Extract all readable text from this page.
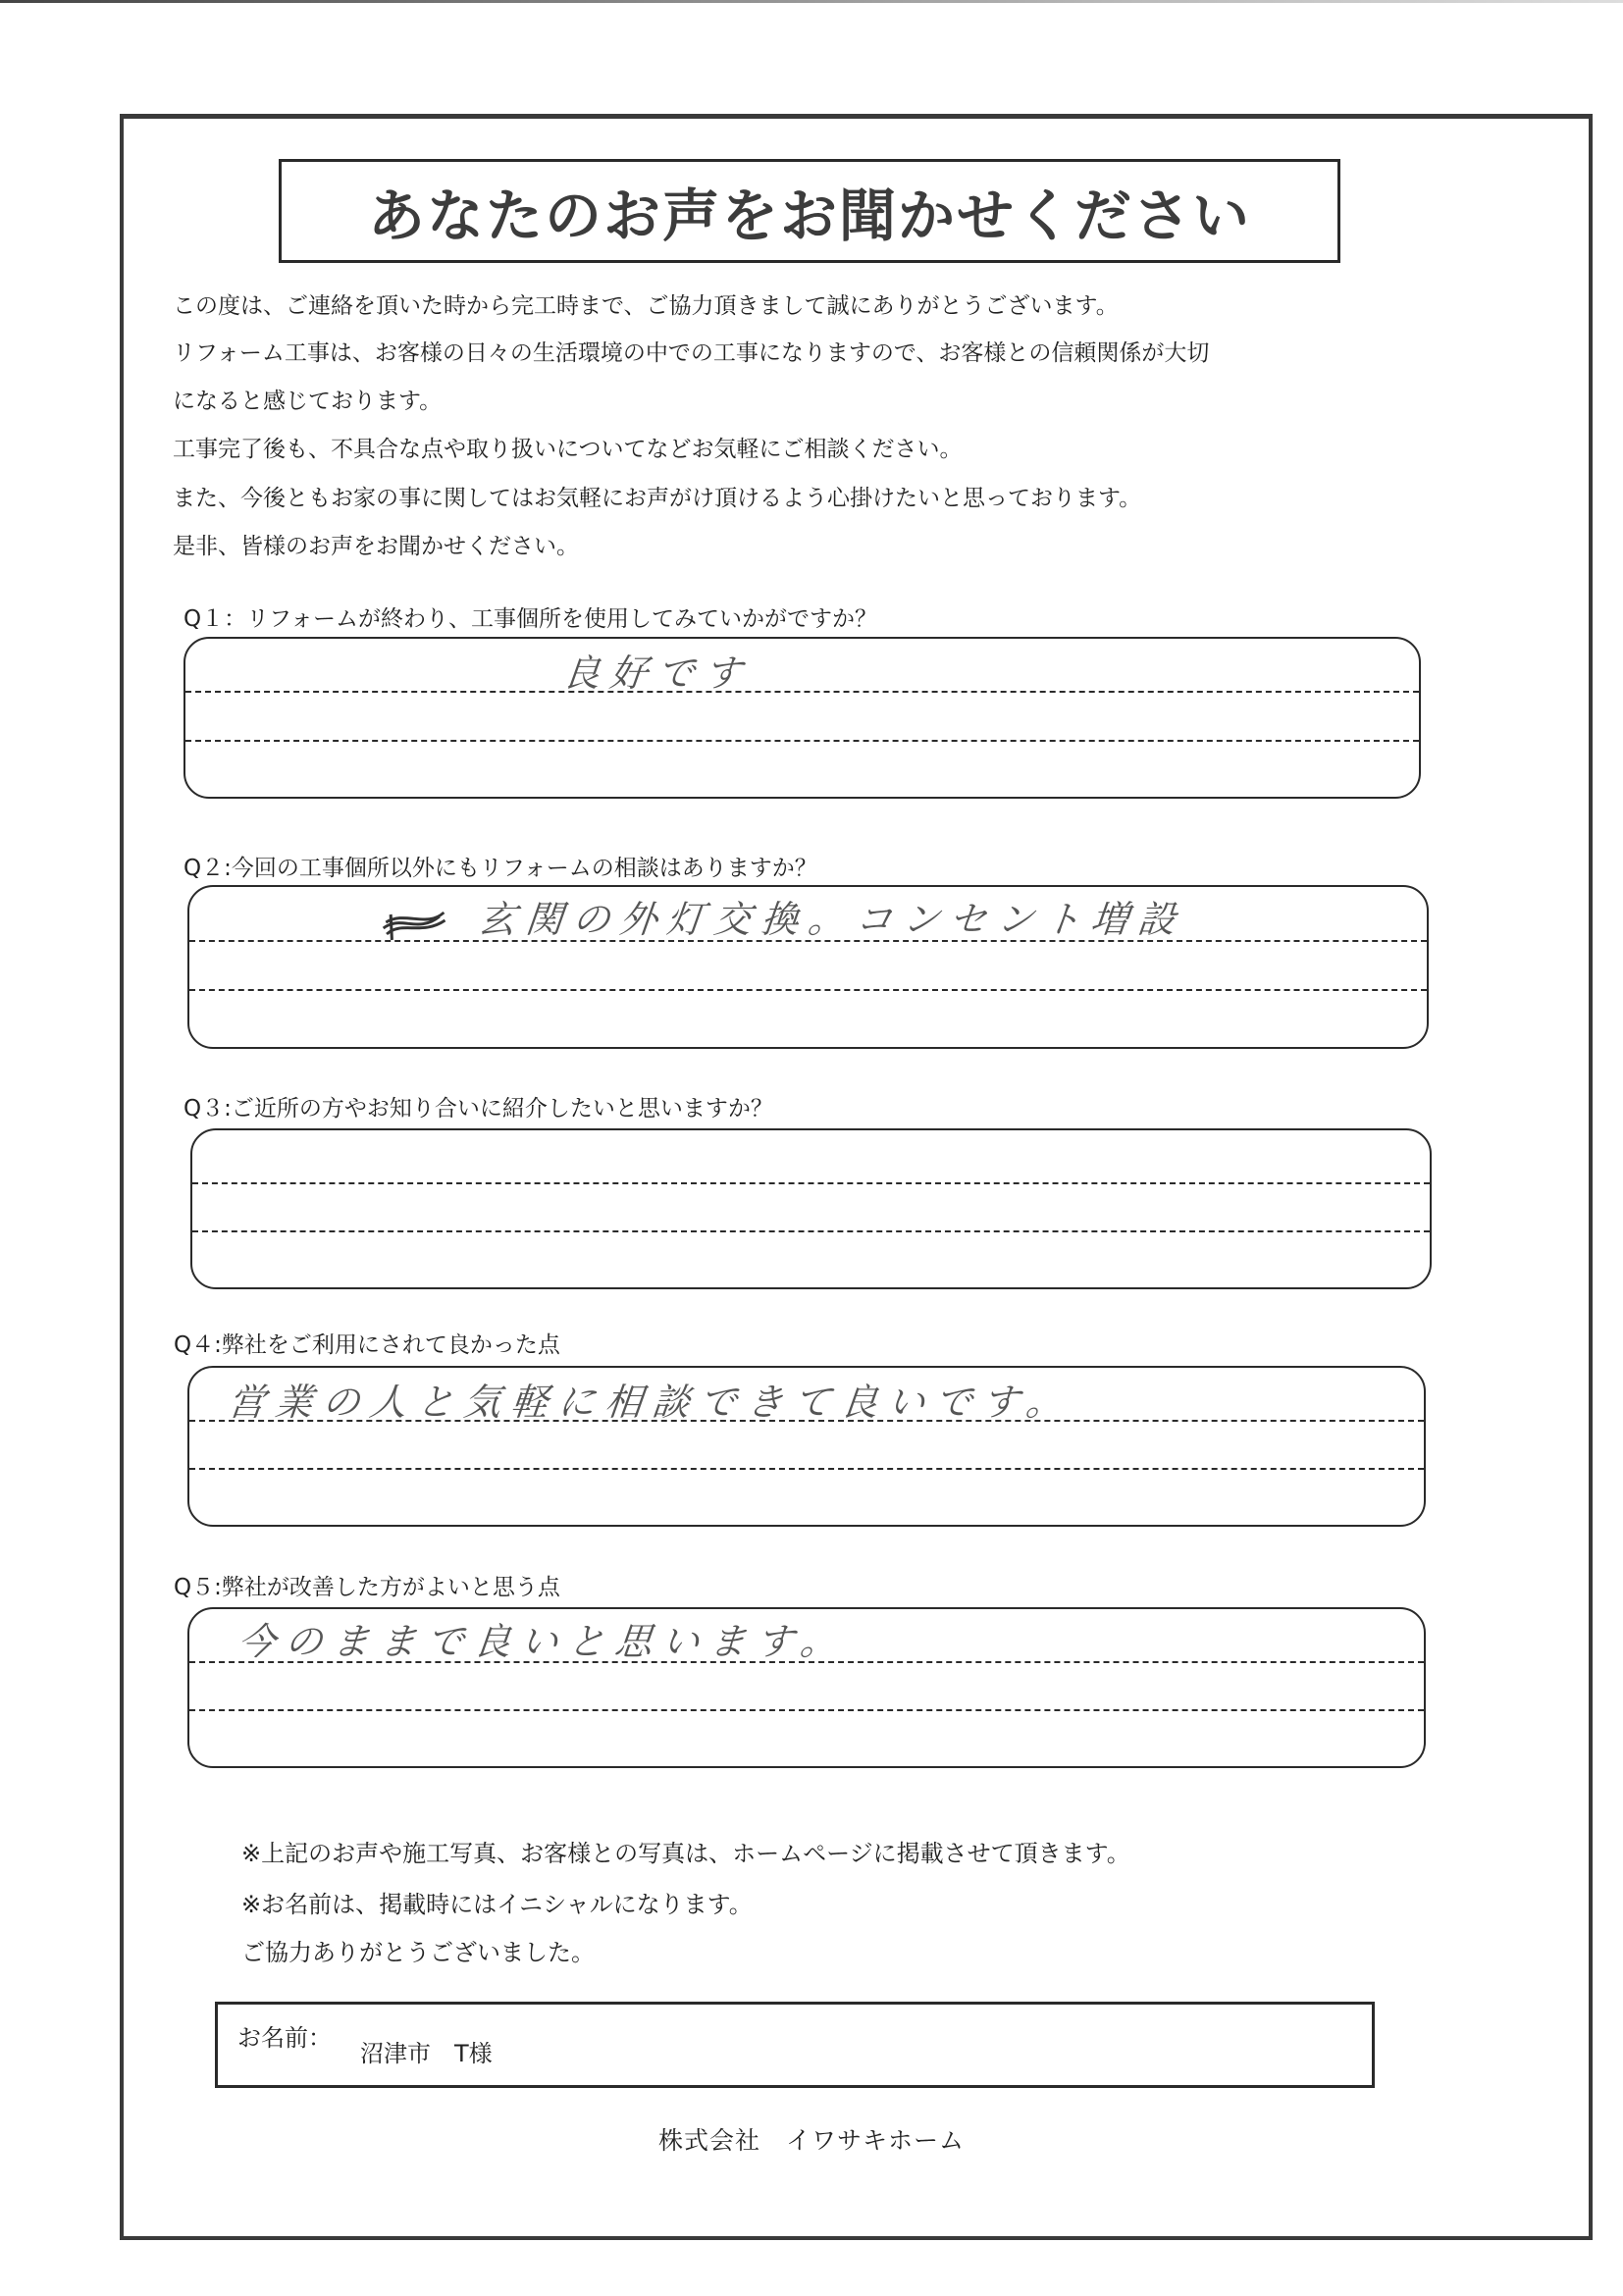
あなたのお声をお聞かせください
この度は、ご連絡を頂いた時から完工時まで、ご協力頂きまして誠にありがとうございます。
リフォーム工事は、お客様の日々の生活環境の中での工事になりますので、お客様との信頼関係が大切
になると感じております。
工事完了後も、不具合な点や取り扱いについてなどお気軽にご相談ください。
また、今後ともお家の事に関してはお気軽にお声がけ頂けるよう心掛けたいと思っております。
是非、皆様のお声をお聞かせください。
Q１：リフォームが終わり、工事個所を使用してみていかがですか？
良好です
Q２:今回の工事個所以外にもリフォームの相談はありますか？
玄関の外灯交換。コンセント増設
Q３:ご近所の方やお知り合いに紹介したいと思いますか？
Q４:弊社をご利用にされて良かった点
営業の人と気軽に相談できて良いです。
Q５:弊社が改善した方がよいと思う点
今のままで良いと思います。
※上記のお声や施工写真、お客様との写真は、ホームページに掲載させて頂きます。
※お名前は、掲載時にはイニシャルになります。
ご協力ありがとうございました。
お名前：
沼津市　T様
株式会社　イワサキホーム
